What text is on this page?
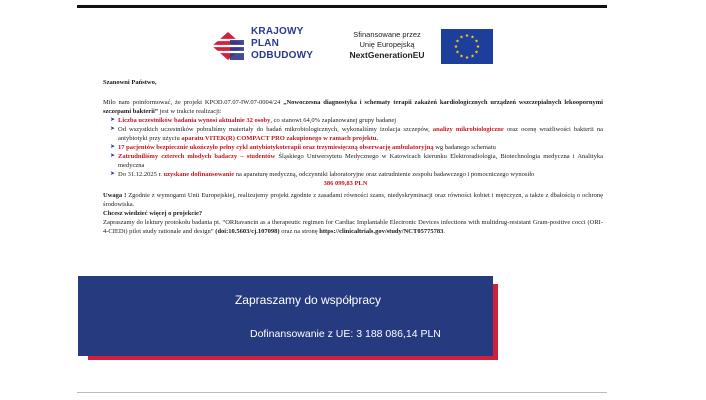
KRAJOWY
PLAN
ODBUDOWY
Sfinansowane przez
Unię Europejską
NextGenerationEU

Szanowni Państwo,

Miło nam poinformować, że projekt KPOD.07.07-IW.07-0004/24 „Nowoczesna diagnostyka i schematy terapii zakażeń kardiologicznych urządzeń wszczepialnych lekoopornymi szczepami bakterii” jest w trakcie realizacji:

➤ Liczba uczestników badania wynosi aktualnie 32 osoby, co stanowi 64,0% zaplanowanej grupy badanej
➤ Od wszystkich uczestników pobraliśmy materiały do badań mikrobiologicznych, wykonaliśmy izolacja szczepów, analizy mikrobiologiczne oraz ocenę wrażliwości bakterii na antybiotyki przy użyciu aparatu VITEK(R) COMPACT PRO zakupionego w ramach projektu.
➤ 17 pacjentów bezpiecznie ukończyło pełny cykl antybiotykoterapii oraz trzymiesięczną obserwację ambulatoryjną wg badanego schematu
➤ Zatrudniliśmy czterech młodych badaczy – studentów Śląskiego Uniwersytetu Medycznego w Katowicach kierunku Elektroradiologia, Biotechnologia medyczna i Analityka medyczna
➤ Do 31.12.2025 r. uzyskane dofinansowanie na aparaturę medyczną, odczynniki laboratoryjne oraz zatrudnienie zespołu badawczego i pomocniczego wynosiło
386 099,83 PLN

Uwaga ! Zgodnie z wymogami Unii Europejskiej, realizujemy projekt zgodnie z zasadami równości szans, niedyskryminacji oraz równości kobiet i mężczyzn, a także z dbałością o ochronę środowiska.

Chcesz wiedzieć więcej o projekcie?

Zapraszamy do lektury protokołu badania pt. “ORItavancin as a therapeutic regimen for Cardiac Implantable Electronic Devices infections with multidrug-resistant Gram-positive cocci (ORI-4-CIEDi) pilot study rationale and design” (doi:10.5603/cj.107098) oraz na stronę https://clinicaltrials.gov/study/NCT05775783.

Zapraszamy do współpracy
Dofinansowanie z UE: 3 188 086,14 PLN
